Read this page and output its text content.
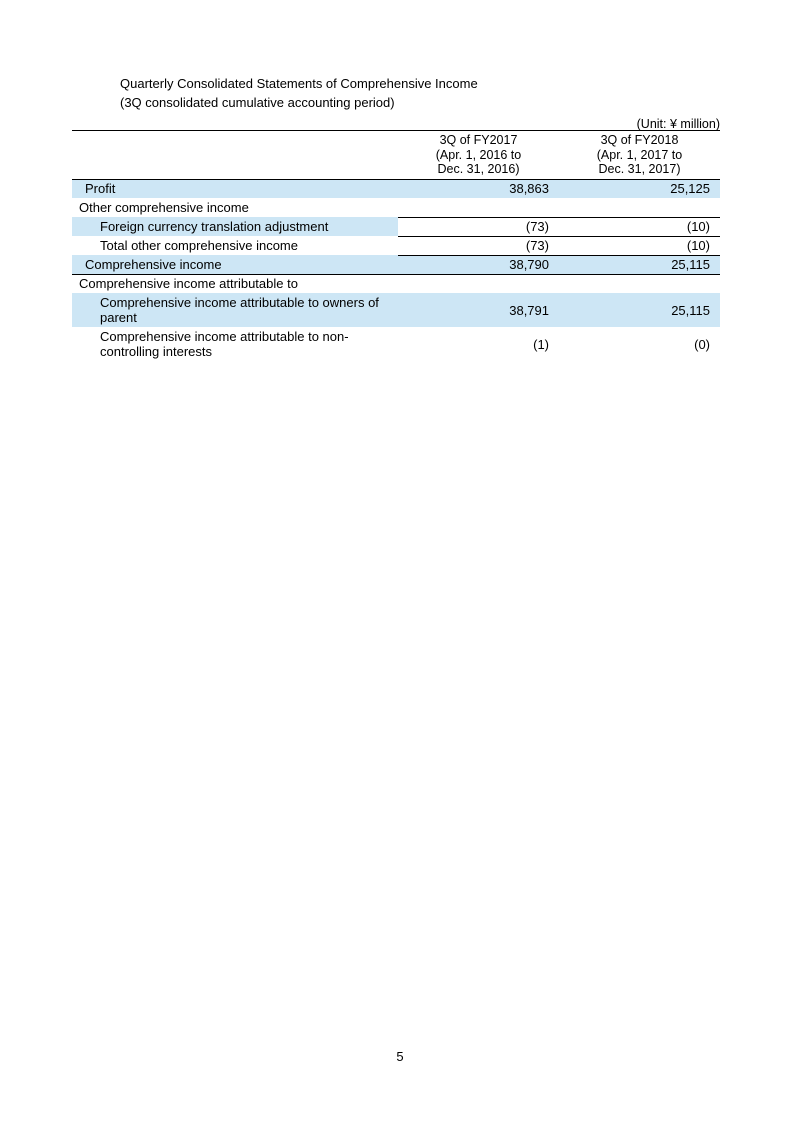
Quarterly Consolidated Statements of Comprehensive Income
(3Q consolidated cumulative accounting period)
(Unit: ¥ million)

3Q of FY2017
(Apr. 1, 2016 to
Dec. 31, 2016)

3Q of FY2018
(Apr. 1, 2017 to
Dec. 31, 2017)

Profit	38,863	25,125
Other comprehensive income		
Foreign currency translation adjustment	(73)	(10)
Total other comprehensive income	(73)	(10)
Comprehensive income	38,790	25,115
Comprehensive income attributable to		
Comprehensive income attributable to owners of parent	38,791	25,115
Comprehensive income attributable to non-controlling interests	(1)	(0)
5
